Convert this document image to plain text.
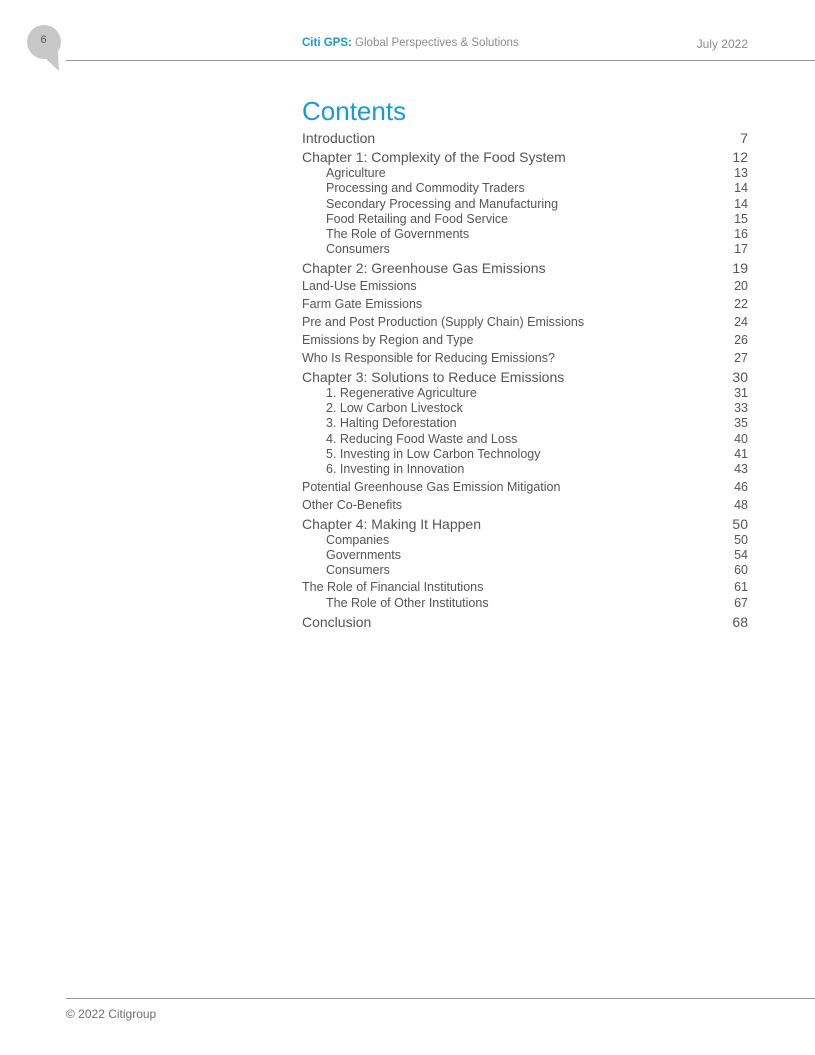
6	Citi GPS: Global Perspectives & Solutions	July 2022
Contents
Introduction	7
Chapter 1: Complexity of the Food System	12
Agriculture	13
Processing and Commodity Traders	14
Secondary Processing and Manufacturing	14
Food Retailing and Food Service	15
The Role of Governments	16
Consumers	17
Chapter 2: Greenhouse Gas Emissions	19
Land-Use Emissions	20
Farm Gate Emissions	22
Pre and Post Production (Supply Chain) Emissions	24
Emissions by Region and Type	26
Who Is Responsible for Reducing Emissions?	27
Chapter 3: Solutions to Reduce Emissions	30
1. Regenerative Agriculture	31
2. Low Carbon Livestock	33
3. Halting Deforestation	35
4. Reducing Food Waste and Loss	40
5. Investing in Low Carbon Technology	41
6. Investing in Innovation	43
Potential Greenhouse Gas Emission Mitigation	46
Other Co-Benefits	48
Chapter 4: Making It Happen	50
Companies	50
Governments	54
Consumers	60
The Role of Financial Institutions	61
The Role of Other Institutions	67
Conclusion	68
© 2022 Citigroup
